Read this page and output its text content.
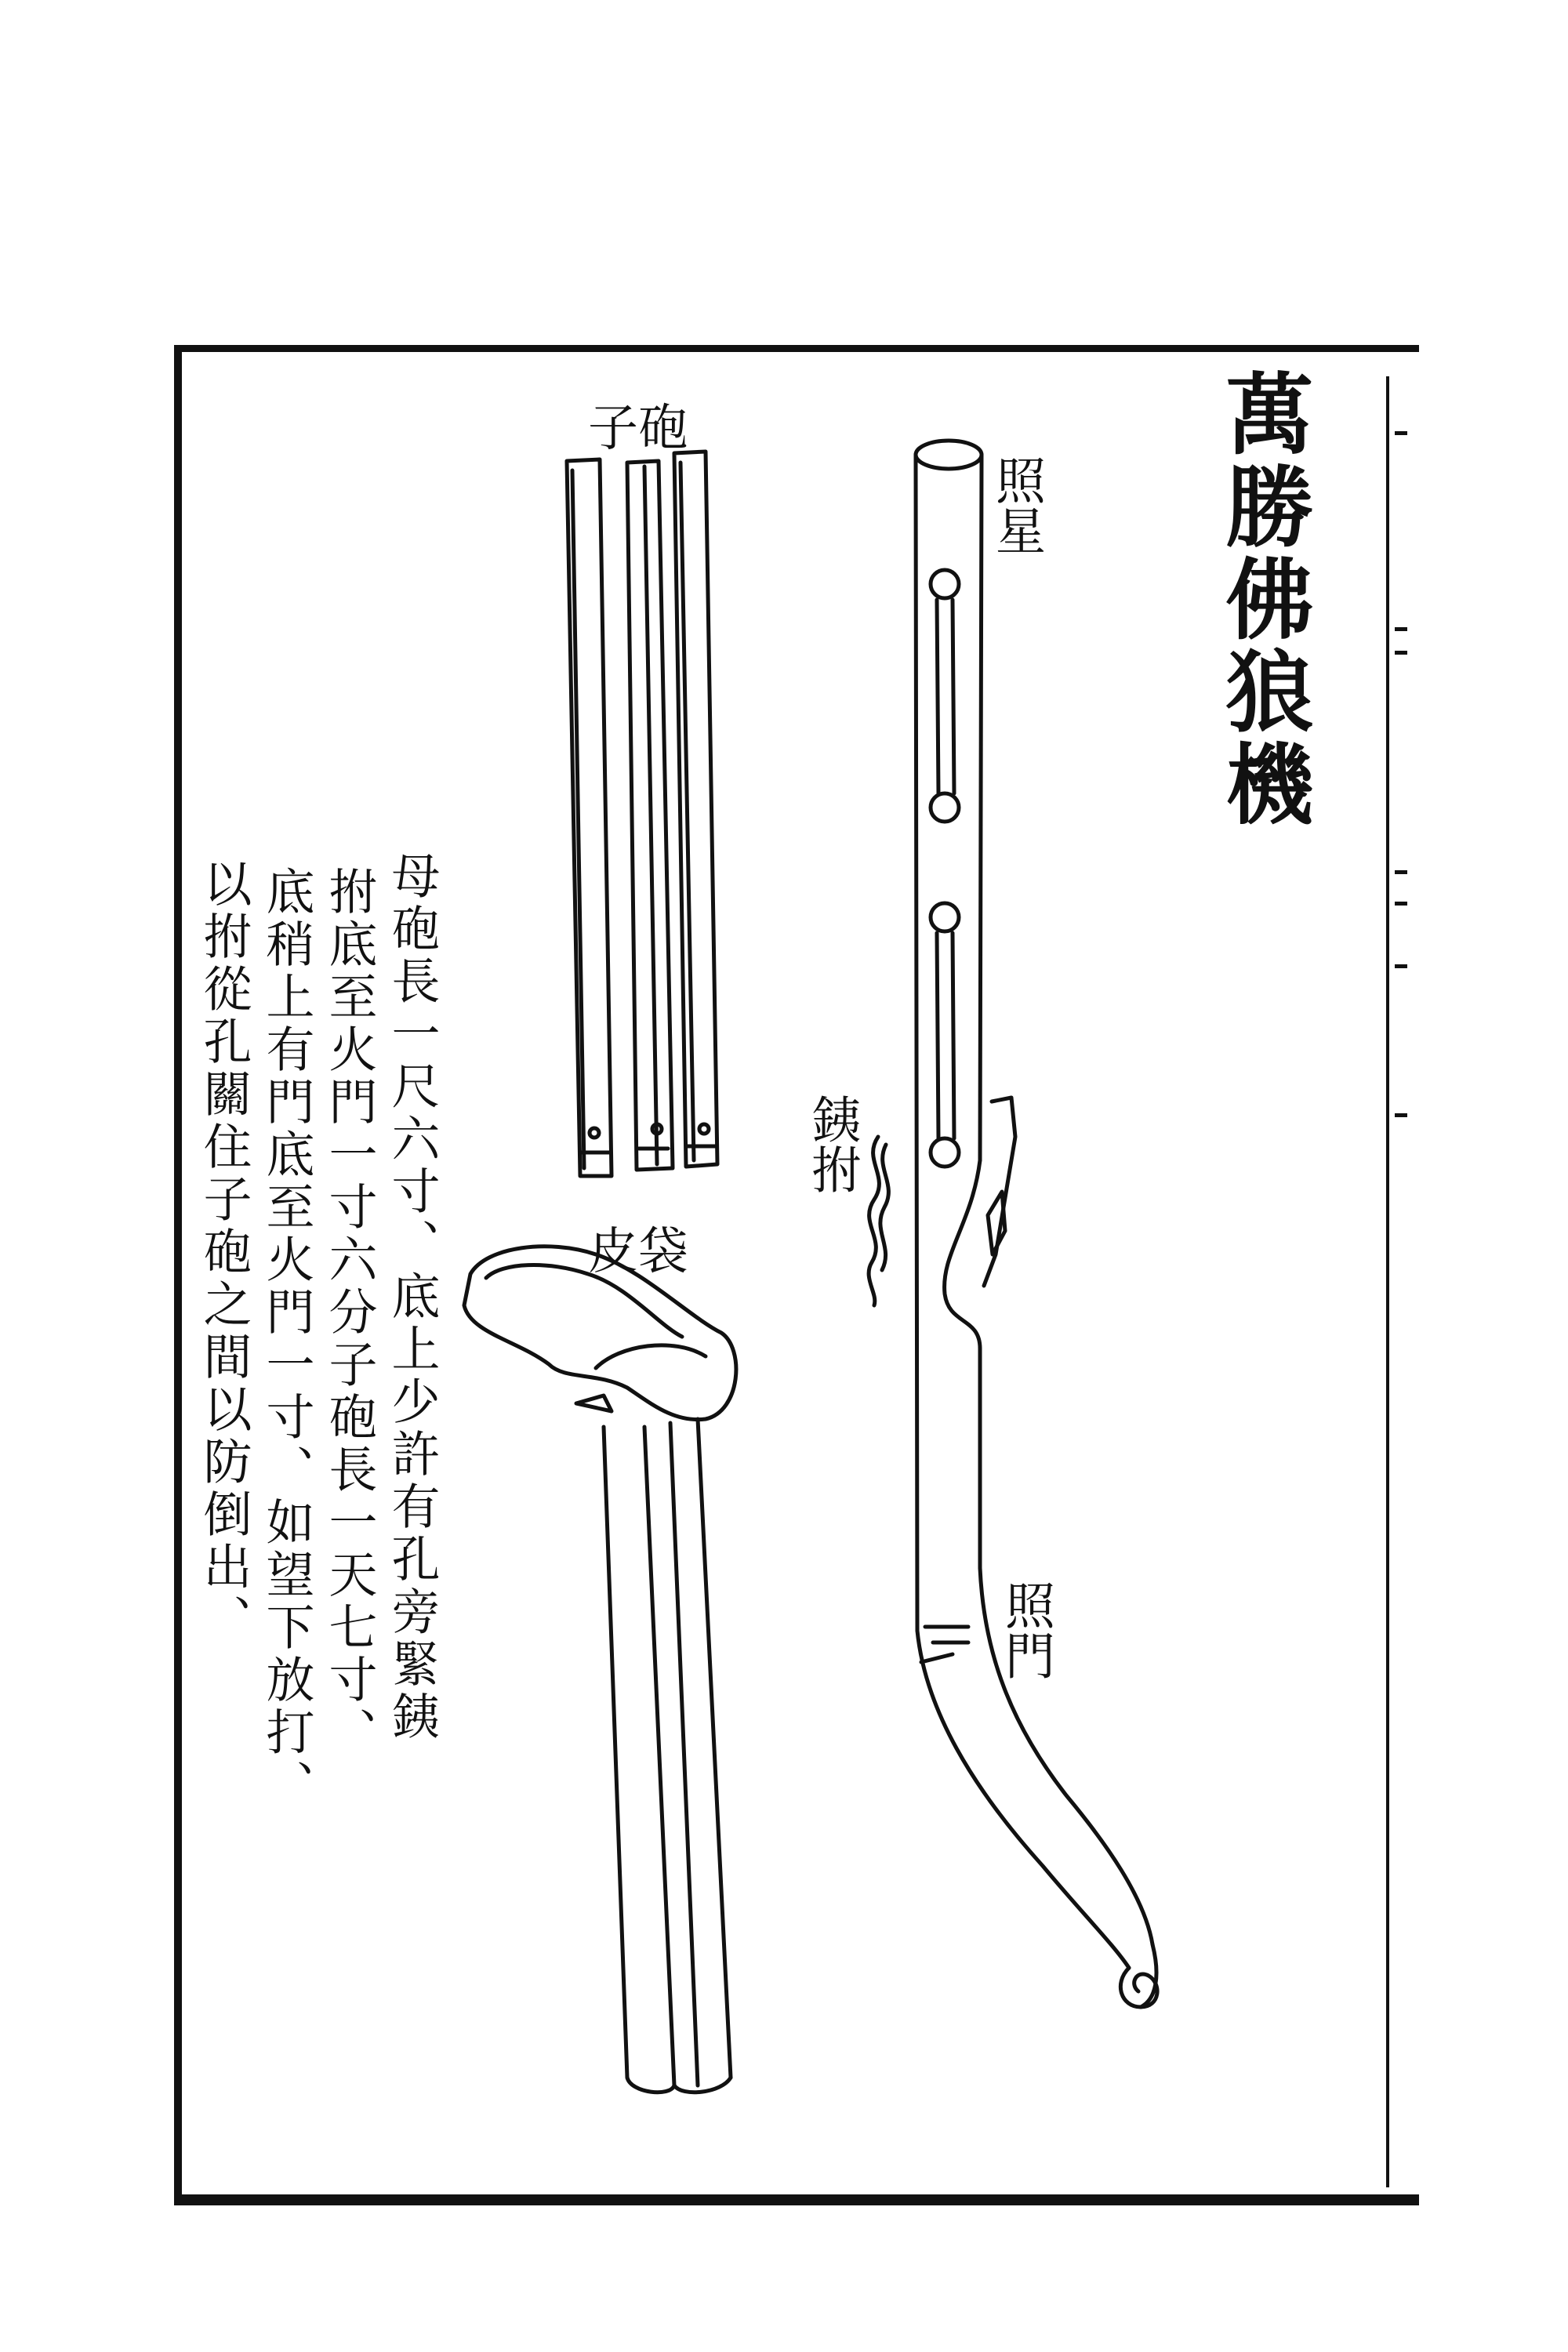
萬勝佛狼機
子砲
皮袋
照星
銕拊
照門
母砲長一尺六寸、底上少許有孔旁緊銕
拊底至火門一寸六分子砲長一天七寸、
底稍上有門底至火門一寸、如望下放打、
以拊從孔關住子砲之間以防倒出、
